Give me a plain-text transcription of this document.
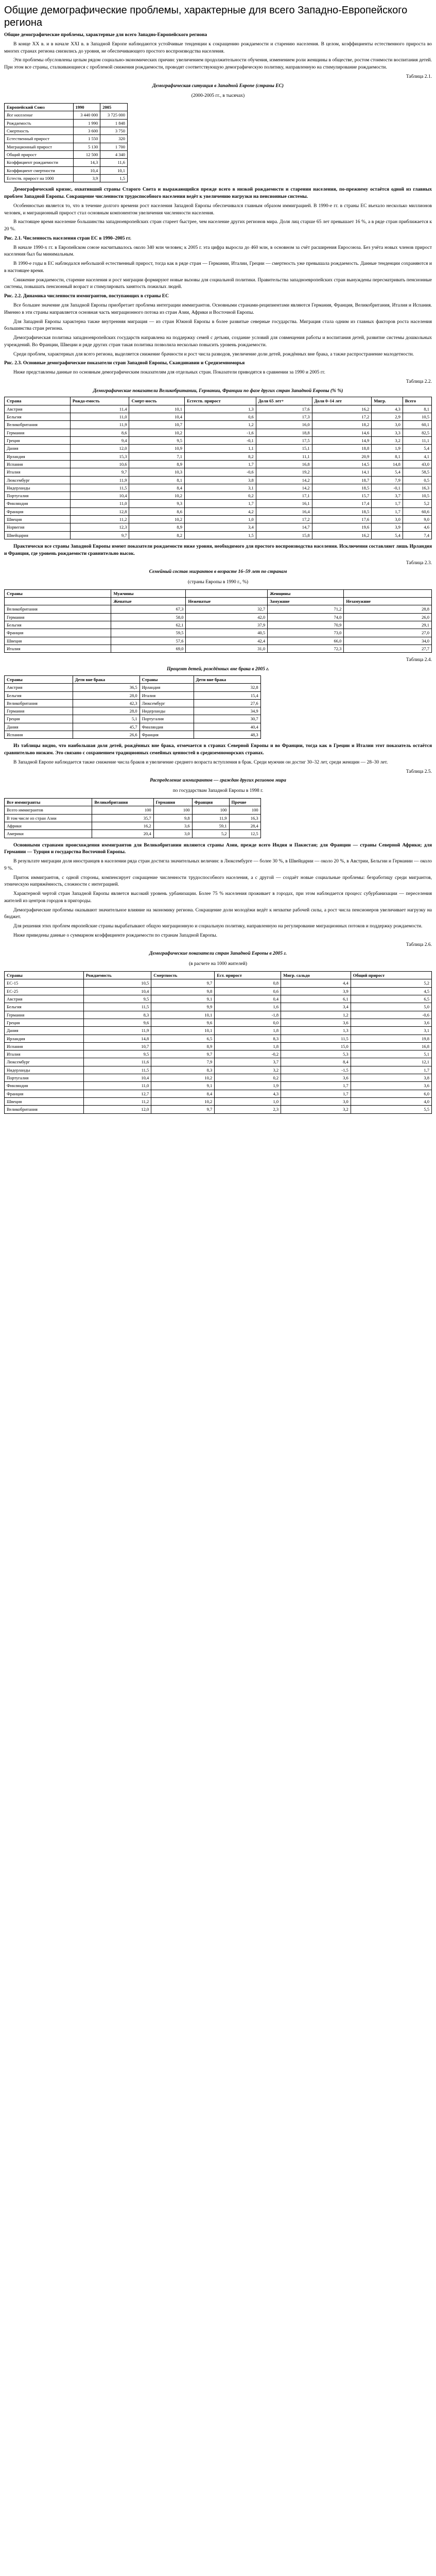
Общие демографические проблемы, характерные для всего Западно-Европейского региона

Общие демографические проблемы, характерные для всего Западно-Европейского региона

В конце ХХ в. и в начале XXI в. в Западной Европе наблюдаются устойчивые тенденции к сокращению рождаемости и старению населения. В целом, коэффициенты естественного прироста во многих странах региона снизились до уровня, не обеспечивающего простого воспроизводства населения.

Эти проблемы обусловлены целым рядом социально-экономических причин: увеличением продолжительности обучения, изменением роли женщины в обществе, ростом стоимости воспитания детей. При этом все страны, сталкивающиеся с проблемой снижения рождаемости, проводят соответствующую демографическую политику, направленную на стимулирование рождаемости.

Таблица 2.1.
Демографическая ситуация в Западной Европе (страны ЕС)
(2000-2005 гг., в тысячах)
Европейский Союз	1990	2005
Все население	3 440 000	3 725 000
Рождаемость	1 990	1 848
Смертность	3 600	3 750
Естественный прирост	1 550	320
Миграционный прирост	5 130	1 700
Общий прирост	12 500	4 340
Коэффициент рождаемости	14,3	11,6
Коэффициент смертности	10,4	10,1
Естеств. прирост на 1000	3,9	1,5

Демографический кризис, охвативший страны Старого Света и выражающийся прежде всего в низкой рождаемости и старении населения, по-прежнему остаётся одной из главных проблем Западной Европы. Сокращение численности трудоспособного населения ведёт к увеличению нагрузки на пенсионные системы.

Особенностью является то, что в течение долгого времени рост населения Западной Европы обеспечивался главным образом иммиграцией. В 1990-е гг. в страны ЕС въехало несколько миллионов человек, и миграционный прирост стал основным компонентом увеличения численности населения.

В настоящее время население большинства западноевропейских стран стареет быстрее, чем население других регионов мира. Доля лиц старше 65 лет превышает 16 %, а в ряде стран приближается к 20 %.

Рис. 2.1. Численность населения стран ЕС в 1990–2005 гг.

В начале 1990-х гг. в Европейском союзе насчитывалось около 340 млн человек; к 2005 г. эта цифра выросла до 460 млн, в основном за счёт расширения Евросоюза. Без учёта новых членов прирост населения был бы минимальным.

В 1990-е годы в ЕС наблюдался небольшой естественный прирост, тогда как в ряде стран — Германии, Италии, Греции — смертность уже превышала рождаемость. Данные тенденции сохраняются и в настоящее время.

Снижение рождаемости, старение населения и рост миграции формируют новые вызовы для социальной политики. Правительства западноевропейских стран вынуждены пересматривать пенсионные системы, повышать пенсионный возраст и стимулировать занятость пожилых людей.

Рис. 2.2. Динамика численности иммигрантов, поступающих в страны ЕС

Все большее значение для Западной Европы приобретает проблема интеграции иммигрантов. Основными странами-реципиентами являются Германия, Франция, Великобритания, Италия и Испания. Именно в эти страны направляется основная часть миграционного потока из стран Азии, Африки и Восточной Европы.

Для Западной Европы характерна также внутренняя миграция — из стран Южной Европы в более развитые северные государства. Миграция стала одним из главных факторов роста населения большинства стран региона.

Демографическая политика западноевропейских государств направлена на поддержку семей с детьми, создание условий для совмещения работы и воспитания детей, развитие системы дошкольных учреждений. Во Франции, Швеции и ряде других стран такая политика позволила несколько повысить уровень рождаемости.

Среди проблем, характерных для всего региона, выделяется снижение брачности и рост числа разводов, увеличение доли детей, рождённых вне брака, а также распространение малодетности.

Рис. 2.3. Основные демографические показатели стран Западной Европы, Скандинавии и Средиземноморья

Ниже представлены данные по основным демографическим показателям для отдельных стран. Показатели приводятся в сравнении за 1990 и 2005 гг.

Таблица 2.2.
Демографические показатели Великобритании, Германии, Франции по фазе других стран Западной Европы (% %)
Страна	Рожда-емость	Смерт-ность	Естеств. прирост	Доля 65 лет+	Доля 0–14 лет	Мигр.	Всего
Австрия	11,4	10,1	1,3	17,6	16,2	4,3	8,1
Бельгия	11,0	10,4	0,6	17,3	17,2	2,9	10,5
Великобритания	11,9	10,7	1,2	16,0	18,2	3,0	60,1
Германия	8,6	10,2	-1,6	18,8	14,6	3,3	82,5
Греция	9,4	9,5	-0,1	17,5	14,9	3,2	11,1
Дания	12,0	10,9	1,1	15,1	18,8	1,9	5,4
Ирландия	15,3	7,1	8,2	11,1	20,9	8,1	4,1
Испания	10,6	8,9	1,7	16,8	14,5	14,8	43,0
Италия	9,7	10,3	-0,6	19,2	14,1	5,4	58,5
Люксембург	11,9	8,1	3,8	14,2	18,7	7,9	0,5
Нидерланды	11,5	8,4	3,1	14,2	18,5	-0,1	16,3
Португалия	10,4	10,2	0,2	17,1	15,7	3,7	10,5
Финляндия	11,0	9,3	1,7	16,1	17,4	1,7	5,2
Франция	12,8	8,6	4,2	16,4	18,5	1,7	60,6
Швеция	11,2	10,2	1,0	17,2	17,6	3,0	9,0
Норвегия	12,3	8,9	3,4	14,7	19,6	3,9	4,6
Швейцария	9,7	8,2	1,5	15,8	16,2	5,4	7,4

Практически все страны Западной Европы имеют показатели рождаемости ниже уровня, необходимого для простого воспроизводства населения. Исключения составляют лишь Ирландия и Франция, где уровень рождаемости сравнительно высок.

Таблица 2.3.
Семейный состав мигрантов в возрасте 16–59 лет по странам
(страны Европы в 1990 г., %)
Страны	Мужчины		Женщины	
	Женатые	Неженатые	Замужние	Незамужние
Великобритания	67,3	32,7	71,2	28,8
Германия	58,0	42,0	74,0	26,0
Бельгия	62,1	37,9	70,9	29,1
Франция	59,5	40,5	73,0	27,0
Швеция	57,6	42,4	66,0	34,0
Италия	69,0	31,0	72,3	27,7
Таблица 2.4.
Процент детей, рождённых вне брака в 2005 г.
Страны	Дети вне брака	Страны	Дети вне брака
Австрия	36,5	Ирландия	32,8
Бельгия	28,0	Италия	15,4
Великобритания	42,3	Люксембург	27,6
Германия	28,0	Нидерланды	34,9
Греция	5,1	Португалия	30,7
Дания	45,7	Финляндия	40,4
Испания	26,6	Франция	48,3

Из таблицы видно, что наибольшая доля детей, рождённых вне брака, отмечается в странах Северной Европы и во Франции, тогда как в Греции и Италии этот показатель остаётся сравнительно низким. Это связано с сохранением традиционных семейных ценностей в средиземноморских странах.

В Западной Европе наблюдается также снижение числа браков и увеличение среднего возраста вступления в брак. Среди мужчин он достиг 30–32 лет, среди женщин — 28–30 лет.

Таблица 2.5.
Распределение иммигрантов — граждан других регионов мира
по государствам Западной Европы в 1998 г.
Все иммигранты	Великобритания	Германия	Франция	Прочие
Всего иммигрантов	100	100	100	100
В том числе из стран Азии	35,7	9,8	11,9	16,3
Африки	16,2	3,6	59,1	28,4
Америки	20,4	3,0	5,2	12,5

Основными странами происхождения иммигрантов для Великобритании являются страны Азии, прежде всего Индия и Пакистан; для Франции — страны Северной Африки; для Германии — Турция и государства Восточной Европы.

В результате миграции доля иностранцев в населении ряда стран достигла значительных величин: в Люксембурге — более 30 %, в Швейцарии — около 20 %, в Австрии, Бельгии и Германии — около 9 %.

Приток иммигрантов, с одной стороны, компенсирует сокращение численности трудоспособного населения, а с другой — создаёт новые социальные проблемы: безработицу среди мигрантов, этническую напряжённость, сложности с интеграцией.

Характерной чертой стран Западной Европы является высокий уровень урбанизации. Более 75 % населения проживает в городах, при этом наблюдается процесс субурбанизации — переселения жителей из центров городов в пригороды.

Демографические проблемы оказывают значительное влияние на экономику региона. Сокращение доли молодёжи ведёт к нехватке рабочей силы, а рост числа пенсионеров увеличивает нагрузку на бюджет.

Для решения этих проблем европейские страны вырабатывают общую миграционную и социальную политику, направленную на регулирование миграционных потоков и поддержку рождаемости.

Ниже приведены данные о суммарном коэффициенте рождаемости по странам Западной Европы.

Таблица 2.6.
Демографические показатели стран Западной Европы в 2005 г.
(в расчете на 1000 жителей)
Страны	Рождаемость	Смертность	Ест. прирост	Мигр. сальдо	Общий прирост
ЕС-15	10,5	9,7	0,8	4,4	5,2
ЕС-25	10,4	9,8	0,6	3,9	4,5
Австрия	9,5	9,1	0,4	6,1	6,5
Бельгия	11,5	9,9	1,6	3,4	5,0
Германия	8,3	10,1	-1,8	1,2	-0,6
Греция	9,6	9,6	0,0	3,6	3,6
Дания	11,9	10,1	1,8	1,3	3,1
Ирландия	14,8	6,5	8,3	11,5	19,8
Испания	10,7	8,9	1,8	15,0	16,8
Италия	9,5	9,7	-0,2	5,3	5,1
Люксембург	11,6	7,9	3,7	8,4	12,1
Нидерланды	11,5	8,3	3,2	-1,5	1,7
Португалия	10,4	10,2	0,2	3,6	3,8
Финляндия	11,0	9,1	1,9	1,7	3,6
Франция	12,7	8,4	4,3	1,7	6,0
Швеция	11,2	10,2	1,0	3,0	4,0
Великобритания	12,0	9,7	2,3	3,2	5,5
